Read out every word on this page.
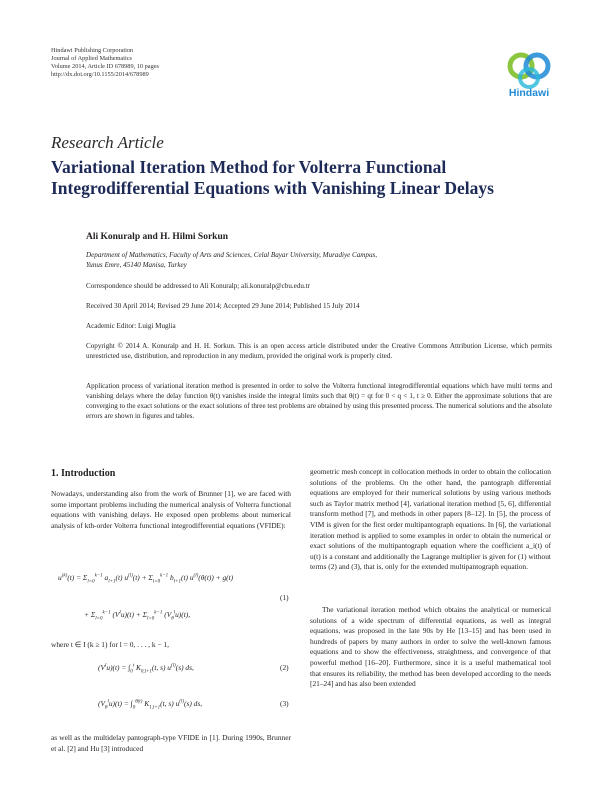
Hindawi Publishing Corporation
Journal of Applied Mathematics
Volume 2014, Article ID 678989, 10 pages
http://dx.doi.org/10.1155/2014/678989
Hindawi
Research Article
Variational Iteration Method for Volterra Functional
Integrodifferential Equations with Vanishing Linear Delays
Ali Konuralp and H. Hilmi Sorkun
Department of Mathematics, Faculty of Arts and Sciences, Celal Bayar University, Muradiye Campus,
Yunus Emre, 45140 Manisa, Turkey
Correspondence should be addressed to Ali Konuralp; ali.konuralp@cbu.edu.tr
Received 30 April 2014; Revised 29 June 2014; Accepted 29 June 2014; Published 15 July 2014
Academic Editor: Luigi Muglia
Copyright © 2014 A. Konuralp and H. H. Sorkun. This is an open access article distributed under the Creative Commons Attribution License, which permits unrestricted use, distribution, and reproduction in any medium, provided the original work is properly cited.
Application process of variational iteration method is presented in order to solve the Volterra functional integrodifferential equations which have multi terms and vanishing delays where the delay function θ(t) vanishes inside the integral limits such that θ(t) = qt for 0 < q < 1, t ≥ 0. Either the approximate solutions that are converging to the exact solutions or the exact solutions of three test problems are obtained by using this presented process. The numerical solutions and the absolute errors are shown in figures and tables.
1. Introduction
Nowadays, understanding also from the work of Brunner [1], we are faced with some important problems including the numerical analysis of Volterra functional equations with vanishing delays. He exposed open problems about numerical analysis of kth-order Volterra functional integrodifferential equations (VFIDE):
$u^{(k)}(t) = \Sigma_{l=0}^{k-1}$ $a_{l+1}(t) u^{(l)}(t) + \Sigma_{l=0}^{k-1}$ $b_{l+1}(t) u^{(l)}(\theta(t)) + g(t)$
+ $\Sigma_{l=0}^{k-1}$ $(V^lu)(t) + \Sigma_{l=0}^{k-1}$ $(V_\theta^lu)(t)$,
(1)
where t ∈ I (k ≥ 1) for l = 0, . . . , k − 1,
$(V^lu)(t) = \int_0^t$ $K_{0,l+1}(t$, s) $u^{(l)}(s)$ ds,	(2)
$(V_\theta^lu)(t) = \int_0^{\theta(t)}$ $K_{1,l+1}(t$, s) $u^{(l)}(s)$ ds,	(3)
as well as the multidelay pantograph-type VFIDE in [1]. During 1990s, Brunner et al. [2] and Hu [3] introduced
geometric mesh concept in collocation methods in order to obtain the collocation solutions of the problems. On the other hand, the pantograph differential equations are employed for their numerical solutions by using various methods such as Taylor matrix method [4], variational iteration method [5, 6], differential transform method [7], and methods in other papers [8–12]. In [5], the process of VIM is given for the first order multipantograph equations. In [6], the variational iteration method is applied to some examples in order to obtain the numerical or exact solutions of the multipantograph equation where the coefficient a_i(t) of u(t) is a constant and additionally the Lagrange multiplier is given for (1) without terms (2) and (3), that is, only for the extended multipantograph equation.
The variational iteration method which obtains the analytical or numerical solutions of a wide spectrum of differential equations, as well as integral equations, was proposed in the late 90s by He [13–15] and has been used in hundreds of papers by many authors in order to solve the well-known famous equations and to show the effectiveness, straightness, and convergence of that powerful method [16–20]. Furthermore, since it is a useful mathematical tool that ensures its reliability, the method has been developed according to the needs [21–24] and has also been extended
